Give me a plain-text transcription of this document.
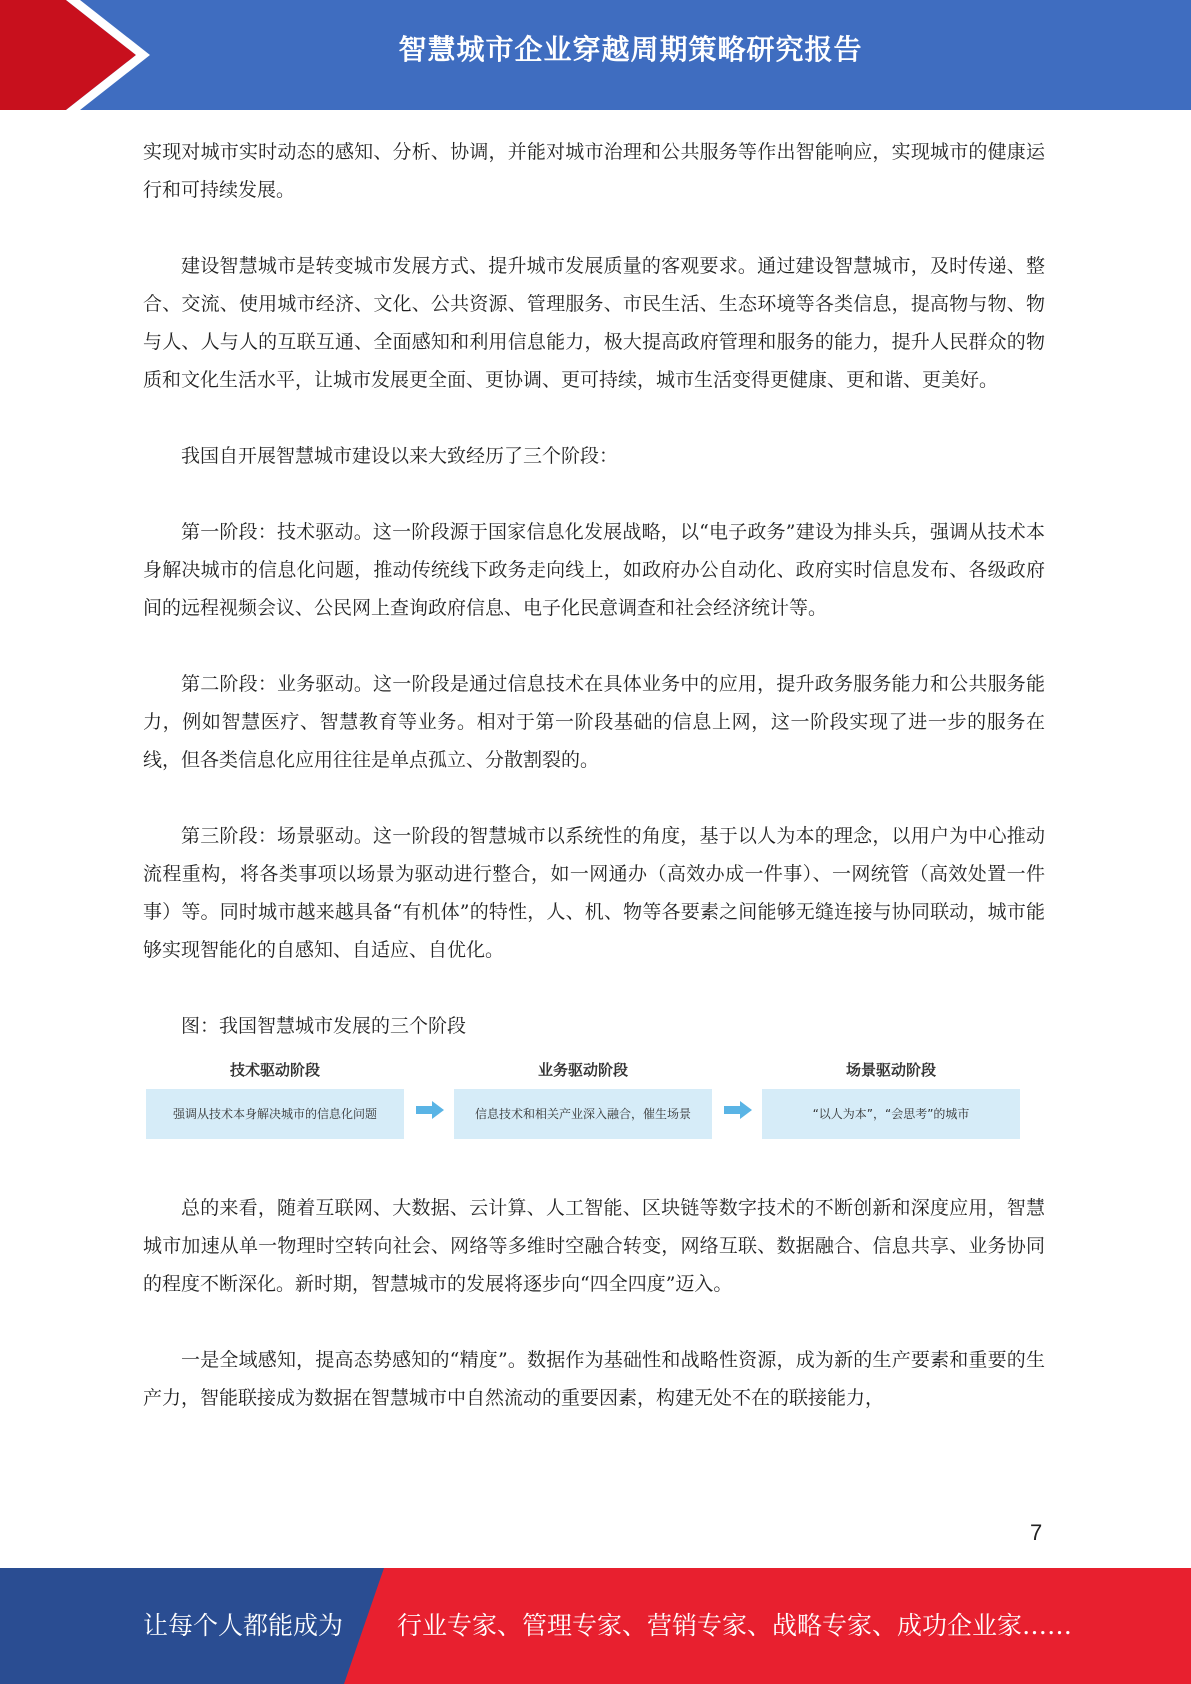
智慧城市企业穿越周期策略研究报告

实现对城市实时动态的感知、分析、协调，并能对城市治理和公共服务等作出智能响应，实现城市的健康运行和可持续发展。

建设智慧城市是转变城市发展方式、提升城市发展质量的客观要求。通过建设智慧城市，及时传递、整合、交流、使用城市经济、文化、公共资源、管理服务、市民生活、生态环境等各类信息，提高物与物、物与人、人与人的互联互通、全面感知和利用信息能力，极大提高政府管理和服务的能力，提升人民群众的物质和文化生活水平，让城市发展更全面、更协调、更可持续，城市生活变得更健康、更和谐、更美好。

我国自开展智慧城市建设以来大致经历了三个阶段：

第一阶段：技术驱动。这一阶段源于国家信息化发展战略，以“电子政务”建设为排头兵，强调从技术本身解决城市的信息化问题，推动传统线下政务走向线上，如政府办公自动化、政府实时信息发布、各级政府间的远程视频会议、公民网上查询政府信息、电子化民意调查和社会经济统计等。

第二阶段：业务驱动。这一阶段是通过信息技术在具体业务中的应用，提升政务服务能力和公共服务能力，例如智慧医疗、智慧教育等业务。相对于第一阶段基础的信息上网，这一阶段实现了进一步的服务在线，但各类信息化应用往往是单点孤立、分散割裂的。

第三阶段：场景驱动。这一阶段的智慧城市以系统性的角度，基于以人为本的理念，以用户为中心推动流程重构，将各类事项以场景为驱动进行整合，如一网通办（高效办成一件事）、一网统管（高效处置一件事）等。同时城市越来越具备“有机体”的特性，人、机、物等各要素之间能够无缝连接与协同联动，城市能够实现智能化的自感知、自适应、自优化。

图：我国智慧城市发展的三个阶段

技术驱动阶段
强调从技术本身解决城市的信息化问题
业务驱动阶段
信息技术和相关产业深入融合，催生场景
场景驱动阶段
“以人为本”，“会思考”的城市

总的来看，随着互联网、大数据、云计算、人工智能、区块链等数字技术的不断创新和深度应用，智慧城市加速从单一物理时空转向社会、网络等多维时空融合转变，网络互联、数据融合、信息共享、业务协同的程度不断深化。新时期，智慧城市的发展将逐步向“四全四度”迈入。

一是全域感知，提高态势感知的“精度”。数据作为基础性和战略性资源，成为新的生产要素和重要的生产力，智能联接成为数据在智慧城市中自然流动的重要因素，构建无处不在的联接能力，

7
让每个人都能成为 行业专家、管理专家、营销专家、战略专家、成功企业家……
